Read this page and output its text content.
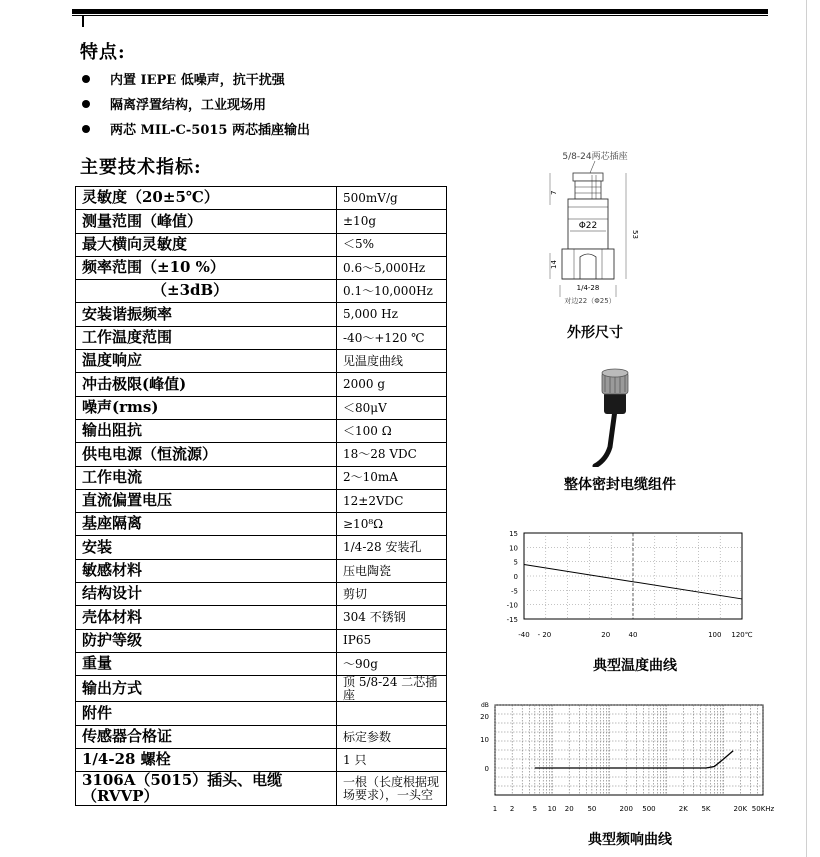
特点:
内置 IEPE 低噪声，抗干扰强
隔离浮置结构，工业现场用
两芯 MIL-C-5015 两芯插座输出
主要技术指标:
灵敏度（20±5℃）	500mV/g
测量范围（峰值）	±10g
最大横向灵敏度	＜5%
频率范围（±10 %）	0.6～5,000Hz
（±3dB）	0.1～10,000Hz
安装谐振频率	5,000 Hz
工作温度范围	-40～+120 ℃
温度响应	见温度曲线
冲击极限(峰值)	2000 g
噪声(rms)	＜80μV
输出阻抗	＜100 Ω
供电电源（恒流源）	18～28 VDC
工作电流	2～10mA
直流偏置电压	12±2VDC
基座隔离	≥10⁸Ω
安装	1/4-28 安装孔
敏感材料	压电陶瓷
结构设计	剪切
壳体材料	304 不锈钢
防护等级	IP65
重量	～90g
输出方式	顶 5/8-24 二芯插座
附件	
传感器合格证	标定参数
1/4-28 螺栓	1 只
3106A（5015）插头、电缆（RVVP）	一根（长度根据现场要求），一头空
5/8-24两芯插座
Φ22
1/4-28
对边22（Φ25）
7
14
53
外形尺寸
整体密封电缆组件
15
10
5
0
-5
-10
-15
-40 - 20	20	40	100 120℃
典型温度曲线
dB
20
10
0
1 2	5 10 20 50	200 500	2K 5K	20K 50KHz
典型频响曲线
